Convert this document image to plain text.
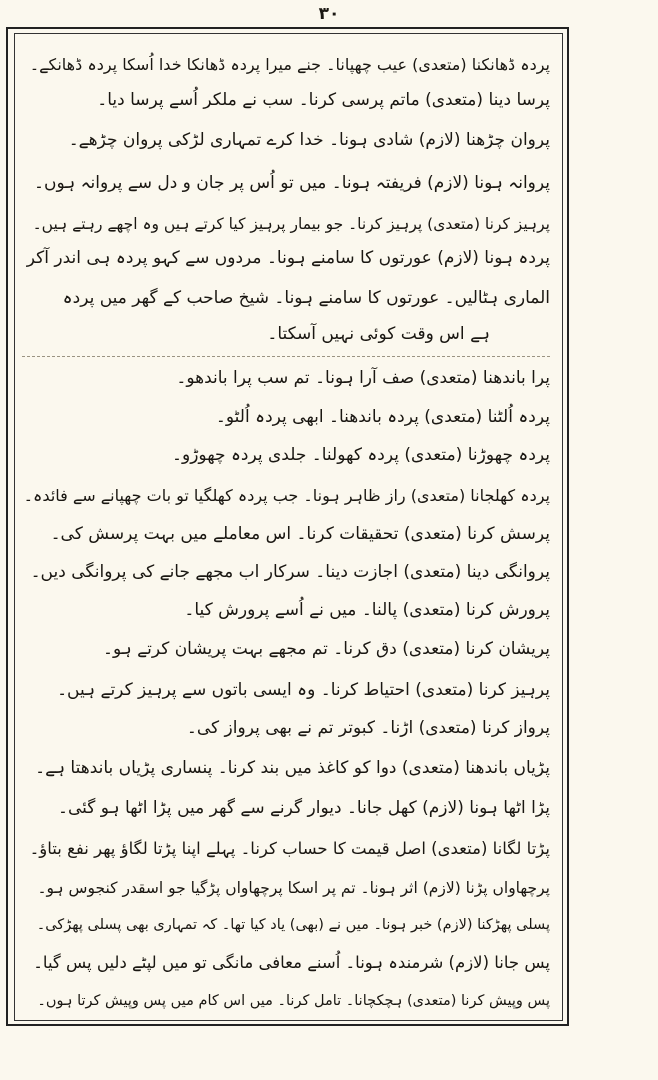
۳۰
پردہ ڈھانکنا (متعدی) عیب چھپانا۔ جنے میرا پردہ ڈھانکا خدا اُسکا پردہ ڈھانکے۔
پرسا دینا (متعدی) ماتم پرسی کرنا۔ سب نے ملکر اُسے پرسا دیا۔
پروان چڑھنا (لازم) شادی ہونا۔ خدا کرے تمہاری لڑکی پروان چڑھے۔
پروانہ ہونا (لازم) فریفتہ ہونا۔ میں تو اُس پر جان و دل سے پروانہ ہوں۔
پرہیز کرنا (متعدی) پرہیز کرنا۔ جو بیمار پرہیز کیا کرتے ہیں وہ اچھے رہتے ہیں۔
پردہ ہونا (لازم) عورتوں کا سامنے ہونا۔ مردوں سے کہو پردہ ہی اندر آکر
الماری ہٹالیں۔ عورتوں کا سامنے ہونا۔ شیخ صاحب کے گھر میں پردہ
ہے اس وقت کوئی نہیں آسکتا۔
پرا باندھنا (متعدی) صف آرا ہونا۔ تم سب پرا باندھو۔
پردہ اُلٹنا (متعدی) پردہ باندھنا۔ ابھی پردہ اُلٹو۔
پردہ چھوڑنا (متعدی) پردہ کھولنا۔ جلدی پردہ چھوڑو۔
پردہ کھلجانا (متعدی) راز ظاہر ہونا۔ جب پردہ کھلگیا تو بات چھپانے سے فائدہ۔
پرسش کرنا (متعدی) تحقیقات کرنا۔ اس معاملے میں بہت پرسش کی۔
پروانگی دینا (متعدی) اجازت دینا۔ سرکار اب مجھے جانے کی پروانگی دیں۔
پرورش کرنا (متعدی) پالنا۔ میں نے اُسے پرورش کیا۔
پریشان کرنا (متعدی) دق کرنا۔ تم مجھے بہت پریشان کرتے ہو۔
پرہیز کرنا (متعدی) احتیاط کرنا۔ وہ ایسی باتوں سے پرہیز کرتے ہیں۔
پرواز کرنا (متعدی) اڑنا۔ کبوتر تم نے بھی پرواز کی۔
پڑیاں باندھنا (متعدی) دوا کو کاغذ میں بند کرنا۔ پنساری پڑیاں باندھتا ہے۔
پڑا اٹھا ہونا (لازم) کھل جانا۔ دیوار گرنے سے گھر میں پڑا اٹھا ہو گئی۔
پڑتا لگانا (متعدی) اصل قیمت کا حساب کرنا۔ پہلے اپنا پڑتا لگاؤ پھر نفع بتاؤ۔
پرچھاواں پڑنا (لازم) اثر ہونا۔ تم پر اسکا پرچھاواں پڑگیا جو اسقدر کنجوس ہو۔
پسلی پھڑکنا (لازم) خبر ہونا۔ میں نے (بھی) یاد کیا تھا۔ کہ تمہاری بھی پسلی پھڑکی۔
پس جانا (لازم) شرمندہ ہونا۔ اُسنے معافی مانگی تو میں لپٹے دلیں پس گیا۔
پس وپیش کرنا (متعدی) ہچکچانا۔ تامل کرنا۔ میں اس کام میں پس وپیش کرتا ہوں۔
